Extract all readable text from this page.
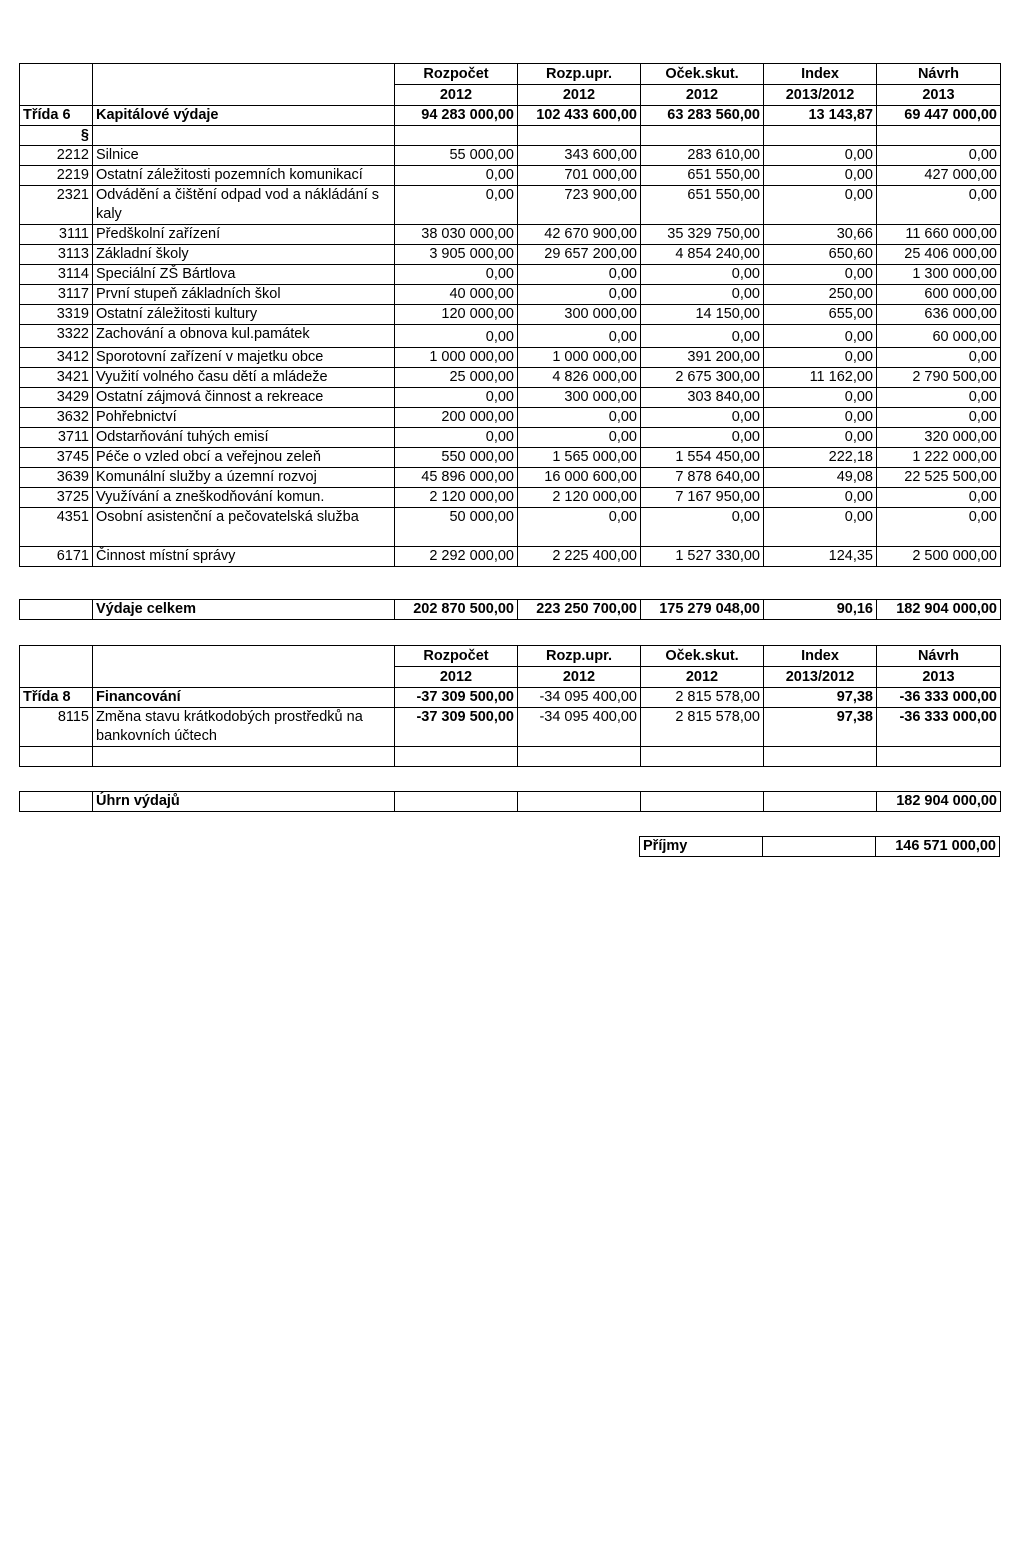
		Rozpočet	Rozp.upr.	Oček.skut.	Index	Návrh
		2012	2012	2012	2013/2012	2013
Třída 6	Kapitálové výdaje	94 283 000,00	102 433 600,00	63 283 560,00	13 143,87	69 447 000,00
§						
2212	Silnice	55 000,00	343 600,00	283 610,00	0,00	0,00
2219	Ostatní záležitosti pozemních komunikací	0,00	701 000,00	651 550,00	0,00	427 000,00
2321	Odvádění a čištění odpad vod a nákládání s kaly	0,00	723 900,00	651 550,00	0,00	0,00
3111	Předškolní zařízení	38 030 000,00	42 670 900,00	35 329 750,00	30,66	11 660 000,00
3113	Základní školy	3 905 000,00	29 657 200,00	4 854 240,00	650,60	25 406 000,00
3114	Speciální ZŠ Bártlova	0,00	0,00	0,00	0,00	1 300 000,00
3117	První stupeň základních škol	40 000,00	0,00	0,00	250,00	600 000,00
3319	Ostatní záležitosti kultury	120 000,00	300 000,00	14 150,00	655,00	636 000,00
3322	Zachování a obnova kul.památek	0,00	0,00	0,00	0,00	60 000,00
3412	Sporotovní zařízení v majetku obce	1 000 000,00	1 000 000,00	391 200,00	0,00	0,00
3421	Využití volného času dětí a mládeže	25 000,00	4 826 000,00	2 675 300,00	11 162,00	2 790 500,00
3429	Ostatní zájmová činnost a rekreace	0,00	300 000,00	303 840,00	0,00	0,00
3632	Pohřebnictví	200 000,00	0,00	0,00	0,00	0,00
3711	Odstarňování tuhých emisí	0,00	0,00	0,00	0,00	320 000,00
3745	Péče o vzled obcí a veřejnou zeleň	550 000,00	1 565 000,00	1 554 450,00	222,18	1 222 000,00
3639	Komunální služby a územní rozvoj	45 896 000,00	16 000 600,00	7 878 640,00	49,08	22 525 500,00
3725	Využívání a zneškodňování komun.	2 120 000,00	2 120 000,00	7 167 950,00	0,00	0,00
4351	Osobní asistenční a pečovatelská služba	50 000,00	0,00	0,00	0,00	0,00
6171	Činnost místní správy	2 292 000,00	2 225 400,00	1 527 330,00	124,35	2 500 000,00
	Výdaje celkem	202 870 500,00	223 250 700,00	175 279 048,00	90,16	182 904 000,00
		Rozpočet	Rozp.upr.	Oček.skut.	Index	Návrh
		2012	2012	2012	2013/2012	2013
Třída 8	Financování	-37 309 500,00	-34 095 400,00	2 815 578,00	97,38	-36 333 000,00
8115	Změna stavu krátkodobých prostředků na bankovních účtech	-37 309 500,00	-34 095 400,00	2 815 578,00	97,38	-36 333 000,00

	Úhrn výdajů					182 904 000,00
Příjmy		146 571 000,00
